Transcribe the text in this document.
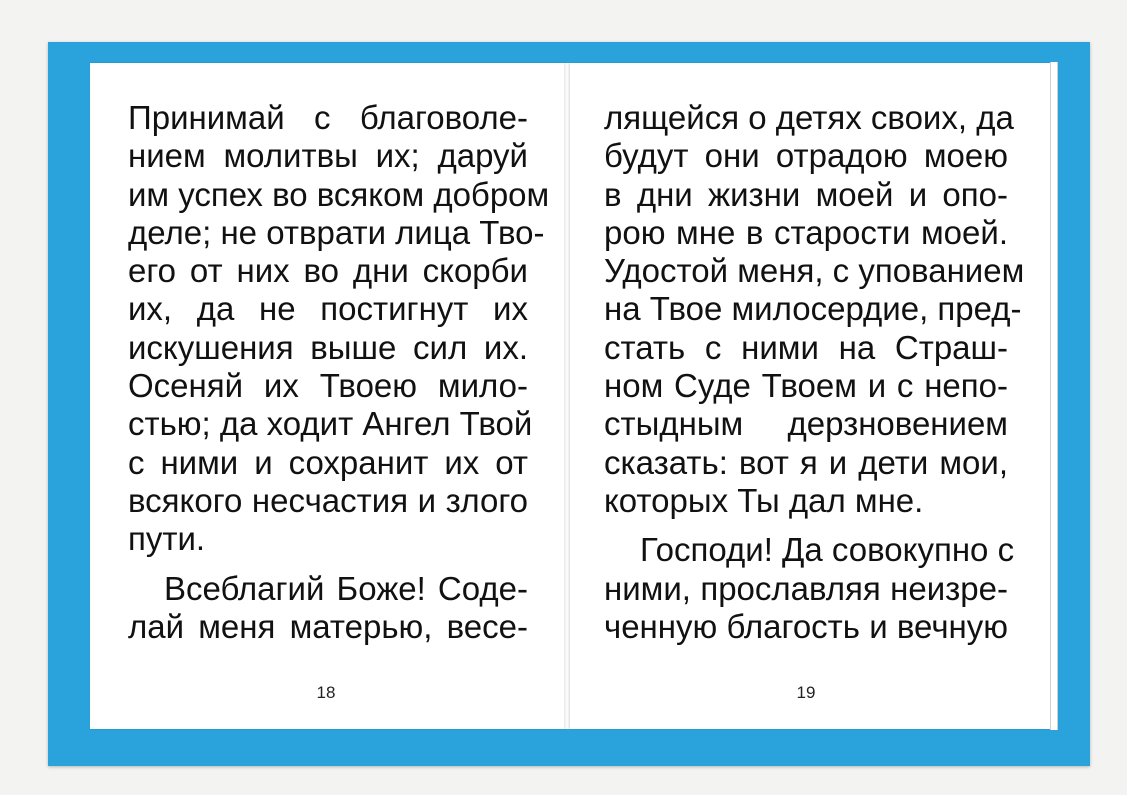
Принимай с благоволе-
нием молитвы их; даруй
им успех во всяком добром
деле; не отврати лица Тво-
его от них во дни скорби
их, да не постигнут их
искушения выше сил их.
Осеняй их Твоею мило-
стью; да ходит Ангел Твой
с ними и сохранит их от
всякого несчастия и злого
пути.
Всеблагий Боже! Соде-
лай меня матерью, весе-
18
лящейся о детях своих, да
будут они отрадою моею
в дни жизни моей и опо-
рою мне в старости моей.
Удостой меня, с упованием
на Твое милосердие, пред-
стать с ними на Страш-
ном Суде Твоем и с непо-
стыдным дерзновением
сказать: вот я и дети мои,
которых Ты дал мне.
Господи! Да совокупно с
ними, прославляя неизре-
ченную благость и вечную
19
